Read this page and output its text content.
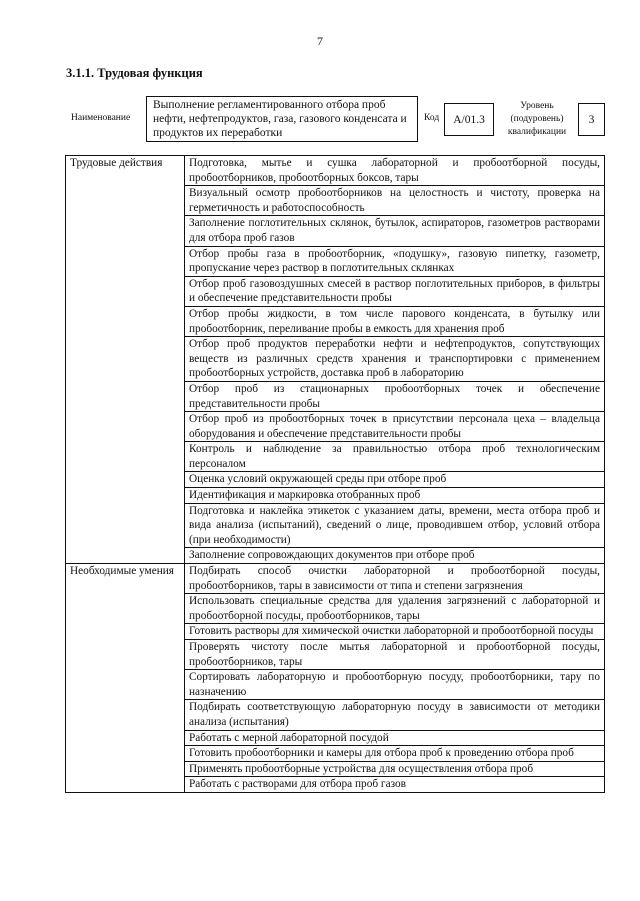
7
3.1.1. Трудовая функция
Наименование
Выполнение регламентированного отбора проб нефти, нефтепродуктов, газа, газового конденсата и продуктов их переработки
Код	А/01.3
Уровень
(подуровень)
квалификации
3
Трудовые действия	Подготовка, мытье и сушка лабораторной и пробоотборной посуды, пробоотборников, пробоотборных боксов, тары
	Визуальный осмотр пробоотборников на целостность и чистоту, проверка на герметичность и работоспособность
	Заполнение поглотительных склянок, бутылок, аспираторов, газометров растворами для отбора проб газов
	Отбор пробы газа в пробоотборник, «подушку», газовую пипетку, газометр, пропускание через раствор в поглотительных склянках
	Отбор проб газовоздушных смесей в раствор поглотительных приборов, в фильтры и обеспечение представительности пробы
	Отбор пробы жидкости, в том числе парового конденсата, в бутылку или пробоотборник, переливание пробы в емкость для хранения проб
	Отбор проб продуктов переработки нефти и нефтепродуктов, сопутствующих веществ из различных средств хранения и транспортировки с применением пробоотборных устройств, доставка проб в лабораторию
	Отбор проб из стационарных пробоотборных точек и обеспечение представительности пробы
	Отбор проб из пробоотборных точек в присутствии персонала цеха – владельца оборудования и обеспечение представительности пробы
	Контроль и наблюдение за правильностью отбора проб технологическим персоналом
	Оценка условий окружающей среды при отборе проб
	Идентификация и маркировка отобранных проб
	Подготовка и наклейка этикеток с указанием даты, времени, места отбора проб и вида анализа (испытаний), сведений о лице, проводившем отбор, условий отбора (при необходимости)
	Заполнение сопровождающих документов при отборе проб
Необходимые умения	Подбирать способ очистки лабораторной и пробоотборной посуды, пробоотборников, тары в зависимости от типа и степени загрязнения
	Использовать специальные средства для удаления загрязнений с лабораторной и пробоотборной посуды, пробоотборников, тары
	Готовить растворы для химической очистки лабораторной и пробоотборной посуды
	Проверять чистоту после мытья лабораторной и пробоотборной посуды, пробоотборников, тары
	Сортировать лабораторную и пробоотборную посуду, пробоотборники, тару по назначению
	Подбирать соответствующую лабораторную посуду в зависимости от методики анализа (испытания)
	Работать с мерной лабораторной посудой
	Готовить пробоотборники и камеры для отбора проб к проведению отбора проб
	Применять пробоотборные устройства для осуществления отбора проб
	Работать с растворами для отбора проб газов
